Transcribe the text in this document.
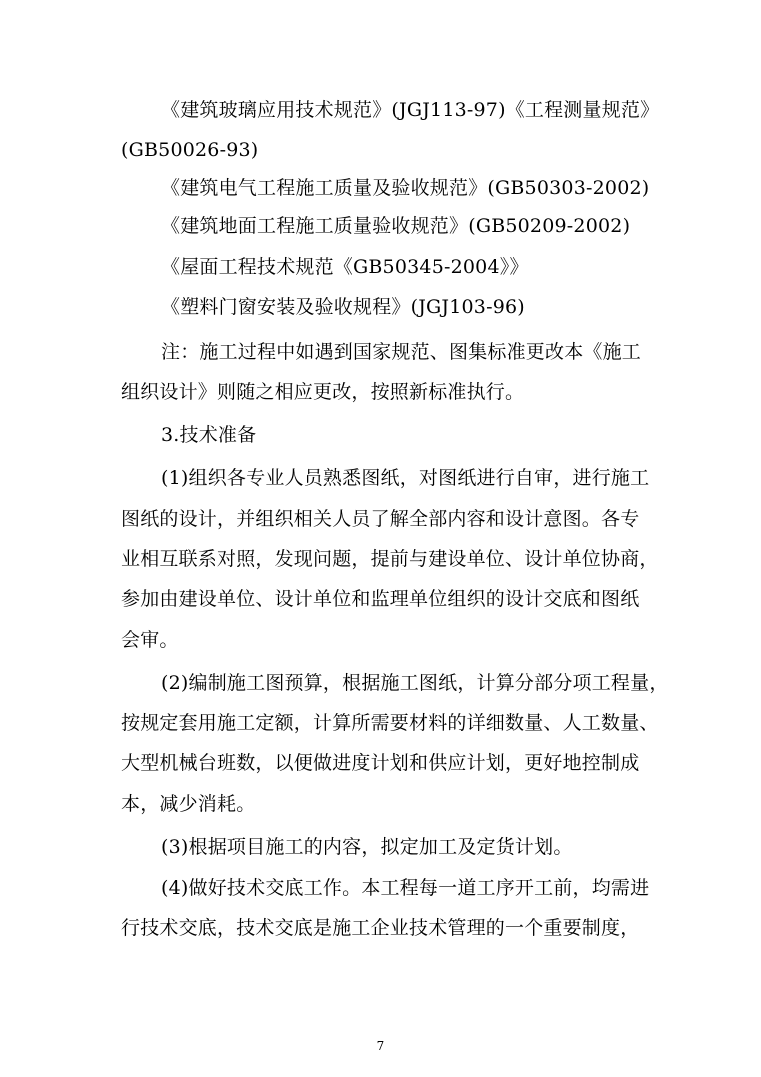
《建筑玻璃应用技术规范》(JGJ113-97)《工程测量规范》
(GB50026-93)
《建筑电气工程施工质量及验收规范》(GB50303-2002)
《建筑地面工程施工质量验收规范》(GB50209-2002)
《屋面工程技术规范《GB50345-2004》》
《塑料门窗安装及验收规程》(JGJ103-96)
注：施工过程中如遇到国家规范、图集标准更改本《施工
组织设计》则随之相应更改，按照新标准执行。
3.技术准备
(1)组织各专业人员熟悉图纸，对图纸进行自审，进行施工
图纸的设计，并组织相关人员了解全部内容和设计意图。各专
业相互联系对照，发现问题，提前与建设单位、设计单位协商，
参加由建设单位、设计单位和监理单位组织的设计交底和图纸
会审。
(2)编制施工图预算，根据施工图纸，计算分部分项工程量，
按规定套用施工定额，计算所需要材料的详细数量、人工数量、
大型机械台班数，以便做进度计划和供应计划，更好地控制成
本，减少消耗。
(3)根据项目施工的内容，拟定加工及定货计划。
(4)做好技术交底工作。本工程每一道工序开工前，均需进
行技术交底，技术交底是施工企业技术管理的一个重要制度，
7
